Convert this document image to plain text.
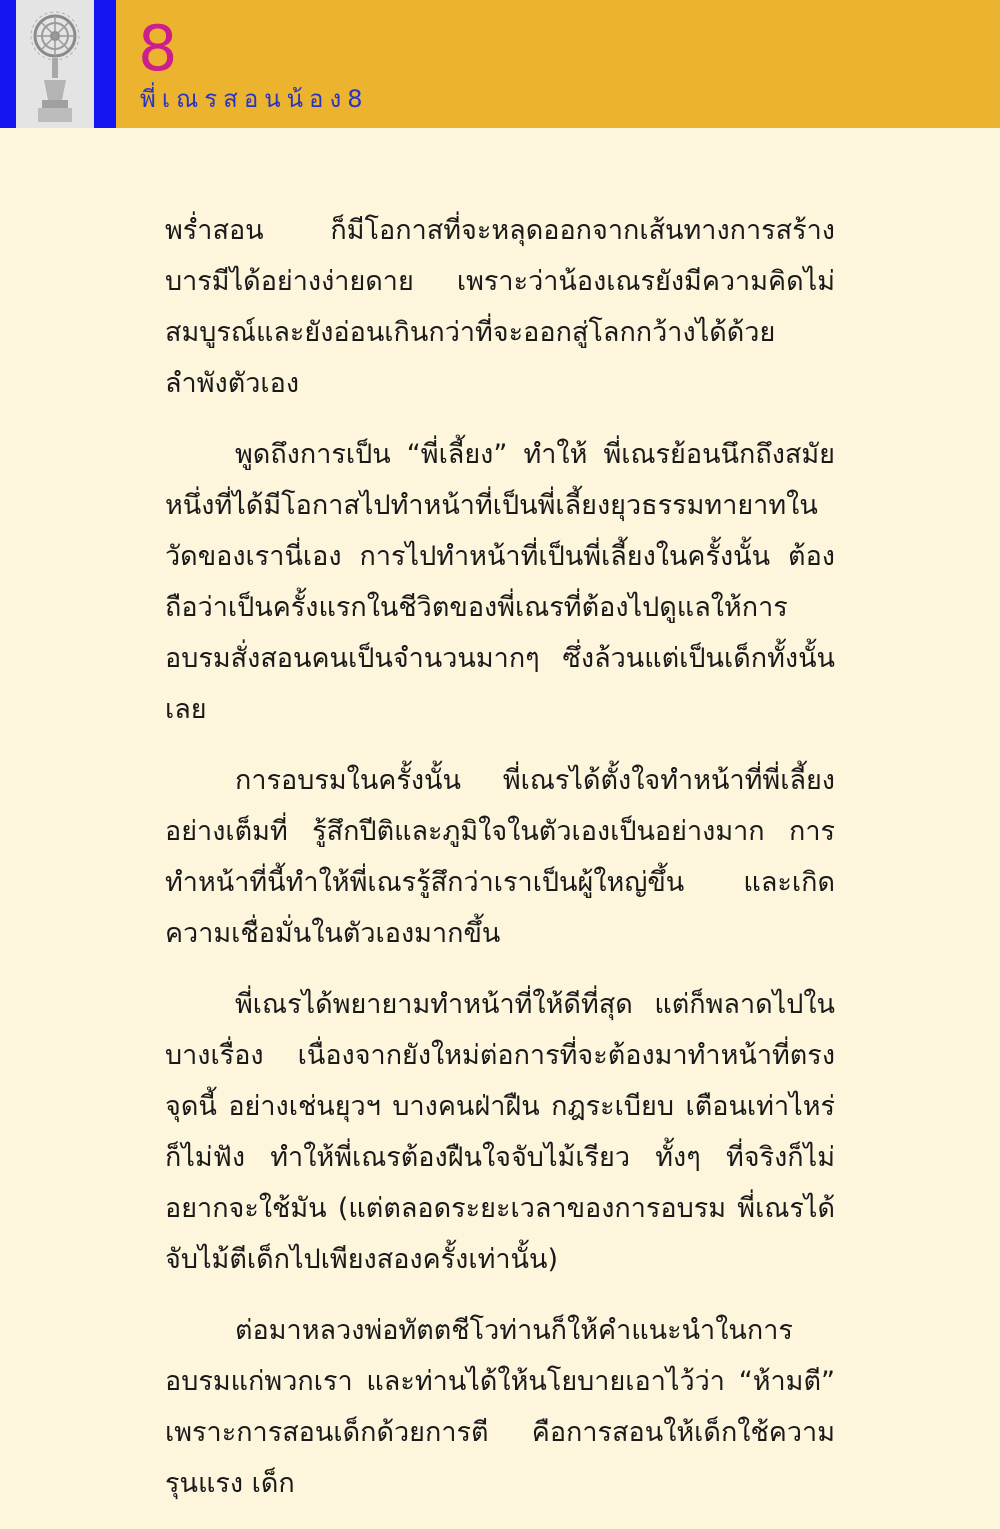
8
พี่เณรสอนน้อง8

พร่ำสอน ก็มีโอกาสที่จะหลุดออกจากเส้นทางการสร้างบารมีได้อย่างง่ายดาย เพราะว่าน้องเณรยังมีความคิดไม่สมบูรณ์และยังอ่อนเกินกว่าที่จะออกสู่โลกกว้างได้ด้วยลำพังตัวเอง

พูดถึงการเป็น “พี่เลี้ยง” ทำให้ พี่เณรย้อนนึกถึงสมัยหนึ่งที่ได้มีโอกาสไปทำหน้าที่เป็นพี่เลี้ยงยุวธรรมทายาทในวัดของเรานี่เอง การไปทำหน้าที่เป็นพี่เลี้ยงในครั้งนั้น ต้องถือว่าเป็นครั้งแรกในชีวิตของพี่เณรที่ต้องไปดูแลให้การอบรมสั่งสอนคนเป็นจำนวนมากๆ ซึ่งล้วนแต่เป็นเด็กทั้งนั้นเลย

การอบรมในครั้งนั้น พี่เณรได้ตั้งใจทำหน้าที่พี่เลี้ยงอย่างเต็มที่ รู้สึกปีติและภูมิใจในตัวเองเป็นอย่างมาก การทำหน้าที่นี้ทำให้พี่เณรรู้สึกว่าเราเป็นผู้ใหญ่ขึ้น และเกิดความเชื่อมั่นในตัวเองมากขึ้น

พี่เณรได้พยายามทำหน้าที่ให้ดีที่สุด แต่ก็พลาดไปในบางเรื่อง เนื่องจากยังใหม่ต่อการที่จะต้องมาทำหน้าที่ตรงจุดนี้ อย่างเช่นยุวฯ บางคนฝ่าฝืน กฎระเบียบ เตือนเท่าไหร่ก็ไม่ฟัง ทำให้พี่เณรต้องฝืนใจจับไม้เรียว ทั้งๆ ที่จริงก็ไม่อยากจะใช้มัน (แต่ตลอดระยะเวลาของการอบรม พี่เณรได้จับไม้ตีเด็กไปเพียงสองครั้งเท่านั้น)

ต่อมาหลวงพ่อทัตตชีโวท่านก็ให้คำแนะนำในการอบรมแก่พวกเรา และท่านได้ให้นโยบายเอาไว้ว่า “ห้ามตี” เพราะการสอนเด็กด้วยการตี คือการสอนให้เด็กใช้ความรุนแรง เด็ก
